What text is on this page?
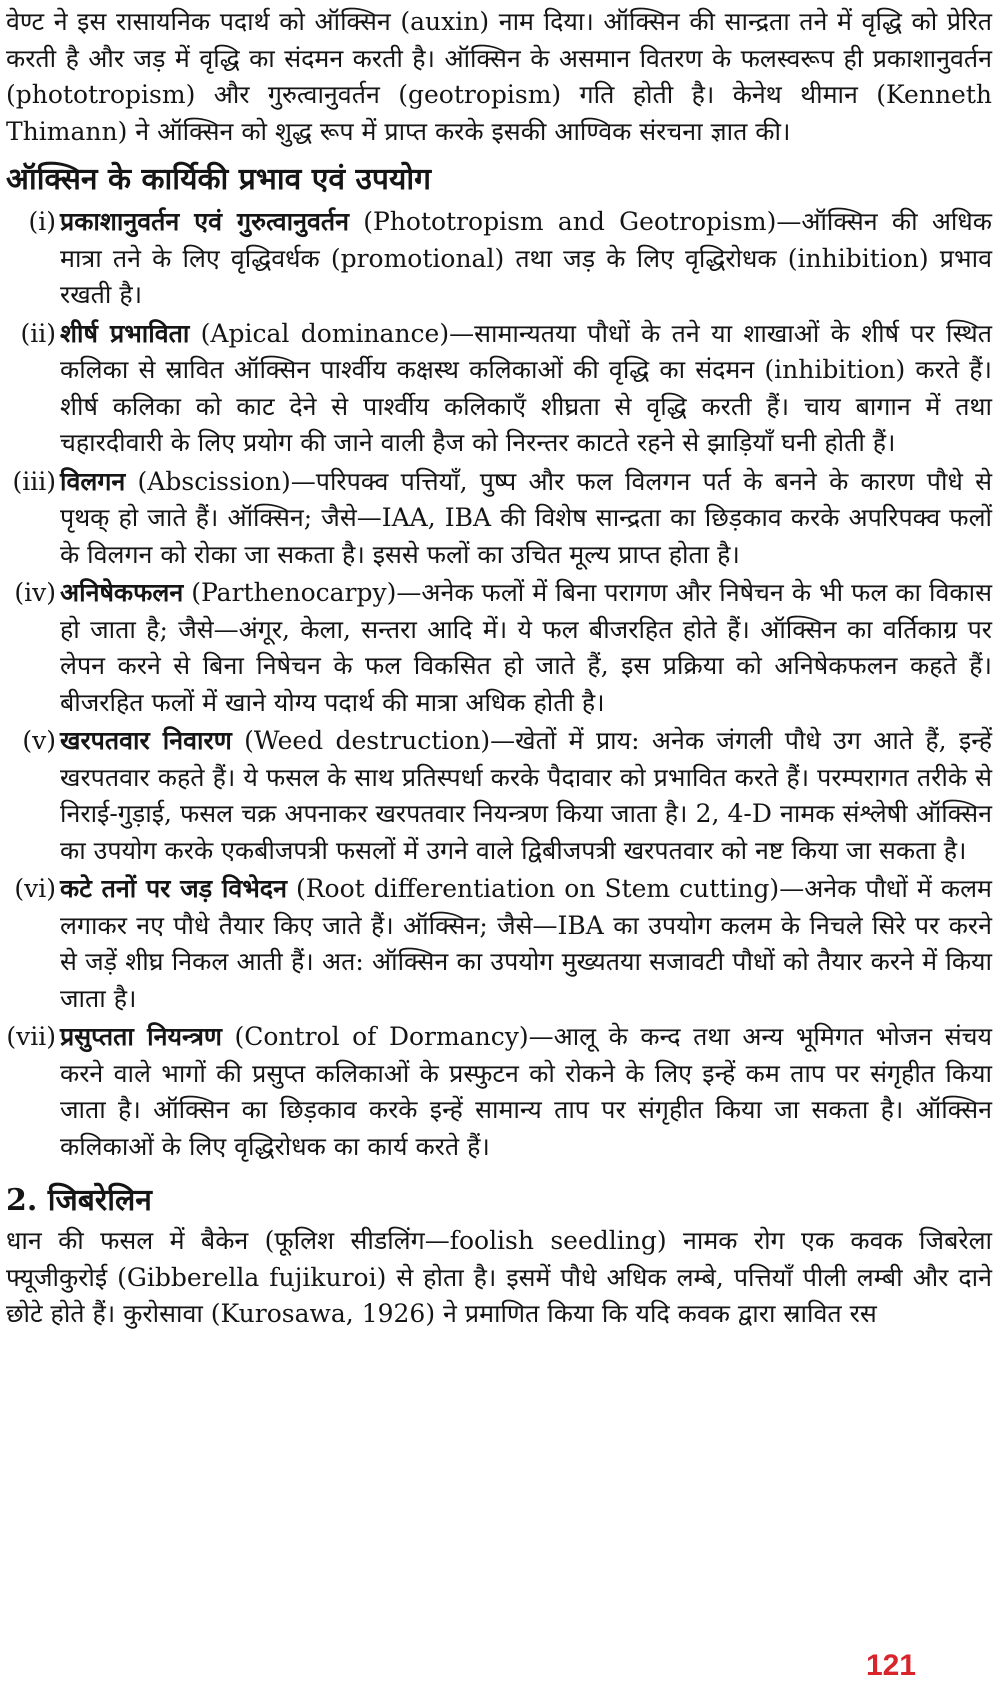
वेण्ट ने इस रासायनिक पदार्थ को ऑक्सिन (auxin) नाम दिया। ऑक्सिन की सान्द्रता तने में वृद्धि को प्रेरित करती है और जड़ में वृद्धि का संदमन करती है। ऑक्सिन के असमान वितरण के फलस्वरूप ही प्रकाशानुवर्तन (phototropism) और गुरुत्वानुवर्तन (geotropism) गति होती है। केनेथ थीमान (Kenneth Thimann) ने ऑक्सिन को शुद्ध रूप में प्राप्त करके इसकी आण्विक संरचना ज्ञात की।

ऑक्सिन के कार्यिकी प्रभाव एवं उपयोग
(i) प्रकाशानुवर्तन एवं गुरुत्वानुवर्तन (Phototropism and Geotropism)—ऑक्सिन की अधिक मात्रा तने के लिए वृद्धिवर्धक (promotional) तथा जड़ के लिए वृद्धिरोधक (inhibition) प्रभाव रखती है।
(ii) शीर्ष प्रभाविता (Apical dominance)—सामान्यतया पौधों के तने या शाखाओं के शीर्ष पर स्थित कलिका से स्रावित ऑक्सिन पार्श्वीय कक्षस्थ कलिकाओं की वृद्धि का संदमन (inhibition) करते हैं। शीर्ष कलिका को काट देने से पार्श्वीय कलिकाएँ शीघ्रता से वृद्धि करती हैं। चाय बागान में तथा चहारदीवारी के लिए प्रयोग की जाने वाली हैज को निरन्तर काटते रहने से झाड़ियाँ घनी होती हैं।
(iii) विलगन (Abscission)—परिपक्व पत्तियाँ, पुष्प और फल विलगन पर्त के बनने के कारण पौधे से पृथक् हो जाते हैं। ऑक्सिन; जैसे—IAA, IBA की विशेष सान्द्रता का छिड़काव करके अपरिपक्व फलों के विलगन को रोका जा सकता है। इससे फलों का उचित मूल्य प्राप्त होता है।
(iv) अनिषेकफलन (Parthenocarpy)—अनेक फलों में बिना परागण और निषेचन के भी फल का विकास हो जाता है; जैसे—अंगूर, केला, सन्तरा आदि में। ये फल बीजरहित होते हैं। ऑक्सिन का वर्तिकाग्र पर लेपन करने से बिना निषेचन के फल विकसित हो जाते हैं, इस प्रक्रिया को अनिषेकफलन कहते हैं। बीजरहित फलों में खाने योग्य पदार्थ की मात्रा अधिक होती है।
(v) खरपतवार निवारण (Weed destruction)—खेतों में प्राय: अनेक जंगली पौधे उग आते हैं, इन्हें खरपतवार कहते हैं। ये फसल के साथ प्रतिस्पर्धा करके पैदावार को प्रभावित करते हैं। परम्परागत तरीके से निराई-गुड़ाई, फसल चक्र अपनाकर खरपतवार नियन्त्रण किया जाता है। 2, 4-D नामक संश्लेषी ऑक्सिन का उपयोग करके एकबीजपत्री फसलों में उगने वाले द्विबीजपत्री खरपतवार को नष्ट किया जा सकता है।
(vi) कटे तनों पर जड़ विभेदन (Root differentiation on Stem cutting)—अनेक पौधों में कलम लगाकर नए पौधे तैयार किए जाते हैं। ऑक्सिन; जैसे—IBA का उपयोग कलम के निचले सिरे पर करने से जड़ें शीघ्र निकल आती हैं। अत: ऑक्सिन का उपयोग मुख्यतया सजावटी पौधों को तैयार करने में किया जाता है।
(vii) प्रसुप्तता नियन्त्रण (Control of Dormancy)—आलू के कन्द तथा अन्य भूमिगत भोजन संचय करने वाले भागों की प्रसुप्त कलिकाओं के प्रस्फुटन को रोकने के लिए इन्हें कम ताप पर संगृहीत किया जाता है। ऑक्सिन का छिड़काव करके इन्हें सामान्य ताप पर संगृहीत किया जा सकता है। ऑक्सिन कलिकाओं के लिए वृद्धिरोधक का कार्य करते हैं।
2. जिबरेलिन

धान की फसल में बैकेन (फूलिश सीडलिंग—foolish seedling) नामक रोग एक कवक जिबरेला फ्यूजीकुरोई (Gibberella fujikuroi) से होता है। इसमें पौधे अधिक लम्बे, पत्तियाँ पीली लम्बी और दाने छोटे होते हैं। कुरोसावा (Kurosawa, 1926) ने प्रमाणित किया कि यदि कवक द्वारा स्रावित रस

121
